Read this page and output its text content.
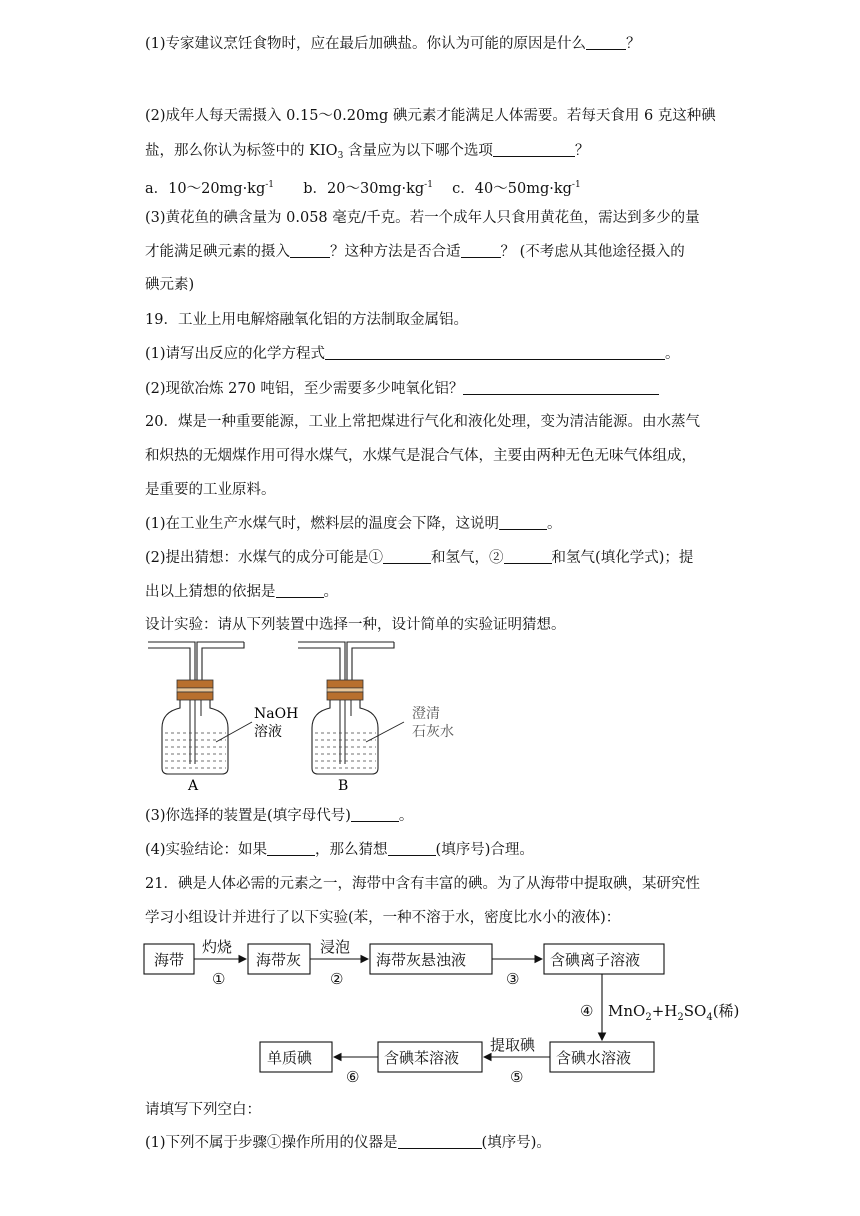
(1)专家建议烹饪食物时，应在最后加碘盐。你认为可能的原因是什么	？
(2)成年人每天需摄入 0.15～0.20mg 碘元素才能满足人体需要。若每天食用 6 克这种碘
盐，那么你认为标签中的 $KIO_3$ 含量应为以下哪个选项	？
a．$10\sim 20mg\cdot kg^{-1}$ b．$20\sim 30mg\cdot kg^{-1}$ c．$40\sim 50mg\cdot kg^{-1}$
(3)黄花鱼的碘含量为 0.058 毫克/千克。若一个成年人只食用黄花鱼，需达到多少的量
才能满足碘元素的摄入	？这种方法是否合适	？ (不考虑从其他途径摄入的
碘元素)
19．工业上用电解熔融氧化铝的方法制取金属铝。
(1)请写出反应的化学方程式	。
(2)现欲冶炼 270 吨铝，至少需要多少吨氧化铝？
20．煤是一种重要能源，工业上常把煤进行气化和液化处理，变为清洁能源。由水蒸气
和炽热的无烟煤作用可得水煤气，水煤气是混合气体，主要由两种无色无味气体组成，
是重要的工业原料。
(1)在工业生产水煤气时，燃料层的温度会下降，这说明	。
(2)提出猜想：水煤气的成分可能是①	和氢气，②	和氢气(填化学式)；提
出以上猜想的依据是	。
设计实验：请从下列装置中选择一种，设计简单的实验证明猜想。
NaOH
溶液
A
澄清
石灰水
B
(3)你选择的装置是(填字母代号)	。
(4)实验结论：如果	，那么猜想	(填序号)合理。
21．碘是人体必需的元素之一，海带中含有丰富的碘。为了从海带中提取碘，某研究性
学习小组设计并进行了以下实验(苯，一种不溶于水，密度比水小的液体)：
海带	海带灰	海带灰悬浊液	含碘离子溶液
含碘水溶液
含碘苯溶液
单质碘
灼烧
①
浸泡
②	③
④ $MnO_2+H_2SO_4$(稀)
提取碘
⑤
⑥
请填写下列空白：
(1)下列不属于步骤①操作所用的仪器是	(填序号)。
